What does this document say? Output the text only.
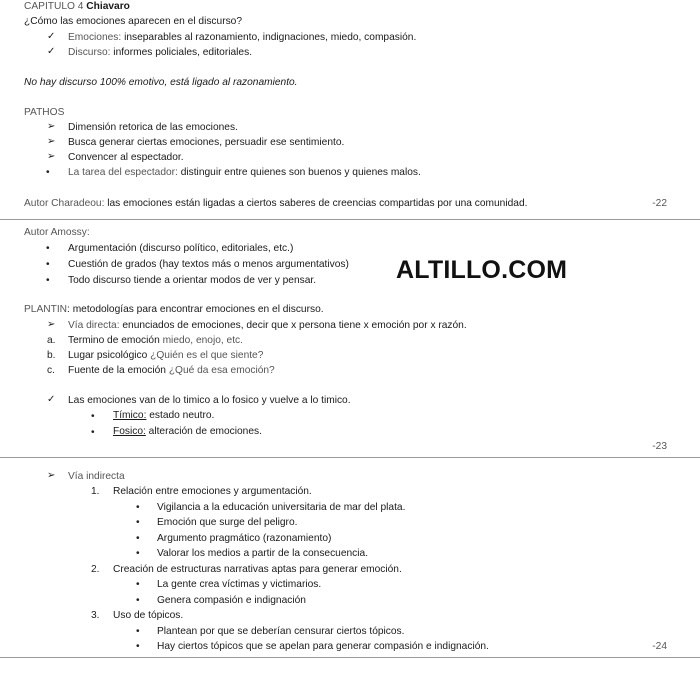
CAPITULO 4 Chiavaro
¿Cómo las emociones aparecen en el discurso?
✓ Emociones: inseparables al razonamiento, indignaciones, miedo, compasión.
✓ Discurso: informes policiales, editoriales.
No hay discurso 100% emotivo, está ligado al razonamiento.
PATHOS
➢ Dimensión retorica de las emociones.
➢ Busca generar ciertas emociones, persuadir ese sentimiento.
➢ Convencer al espectador.
• La tarea del espectador: distinguir entre quienes son buenos y quienes malos.
Autor Charadeou: las emociones están ligadas a ciertos saberes de creencias compartidas por una comunidad.	-22
Autor Amossy:
• Argumentación (discurso político, editoriales, etc.)
• Cuestión de grados (hay textos más o menos argumentativos)
• Todo discurso tiende a orientar modos de ver y pensar.	ALTILLO.COM
PLANTIN: metodologías para encontrar emociones en el discurso.
➢ Vía directa: enunciados de emociones, decir que x persona tiene x emoción por x razón.
a. Termino de emoción miedo, enojo, etc.
b. Lugar psicológico ¿Quién es el que siente?
c. Fuente de la emoción ¿Qué da esa emoción?
✓ Las emociones van de lo timico a lo fosico y vuelve a lo timico.
• Tímico: estado neutro.
• Fosico: alteración de emociones.
-23
➢ Vía indirecta
1. Relación entre emociones y argumentación.
• Vigilancia a la educación universitaria de mar del plata.
• Emoción que surge del peligro.
• Argumento pragmático (razonamiento)
• Valorar los medios a partir de la consecuencia.
2. Creación de estructuras narrativas aptas para generar emoción.
• La gente crea víctimas y victimarios.
• Genera compasión e indignación
3. Uso de tópicos.
• Plantean por que se deberían censurar ciertos tópicos.
• Hay ciertos tópicos que se apelan para generar compasión e indignación.	-24
